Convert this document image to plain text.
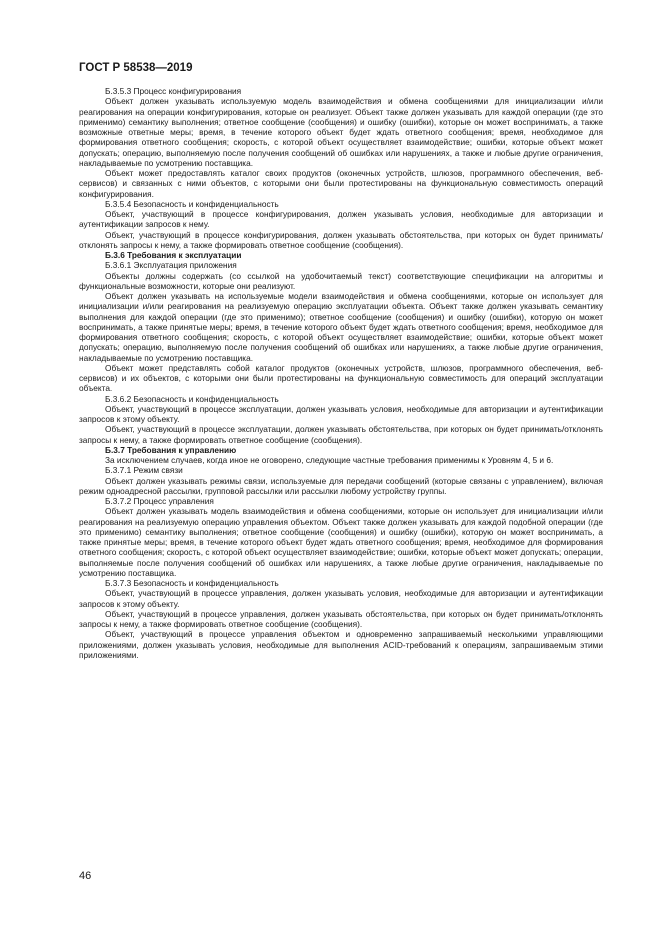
ГОСТ Р 58538—2019

Б.3.5.3 Процесс конфигурирования

Объект должен указывать используемую модель взаимодействия и обмена сообщениями для инициализации и/или реагирования на операции конфигурирования, которые он реализует. Объект также должен указывать для каждой операции (где это применимо) семантику выполнения; ответное сообщение (сообщения) и ошибку (ошибки), которые он может воспринимать, а также возможные ответные меры; время, в течение которого объект будет ждать ответного сообщения; время, необходимое для формирования ответного сообщения; скорость, с которой объект осуществляет взаимодействие; ошибки, которые объект может допускать; операцию, выполняемую после получения сообщений об ошибках или нарушениях, а также и любые другие ограничения, накладываемые по усмотрению поставщика.

Объект может предоставлять каталог своих продуктов (оконечных устройств, шлюзов, программного обеспечения, веб-сервисов) и связанных с ними объектов, с которыми они были протестированы на функциональную совместимость операций конфигурирования.

Б.3.5.4 Безопасность и конфиденциальность

Объект, участвующий в процессе конфигурирования, должен указывать условия, необходимые для авторизации и аутентификации запросов к нему.

Объект, участвующий в процессе конфигурирования, должен указывать обстоятельства, при которых он будет принимать/отклонять запросы к нему, а также формировать ответное сообщение (сообщения).

Б.3.6 Требования к эксплуатации

Б.3.6.1 Эксплуатация приложения

Объекты должны содержать (со ссылкой на удобочитаемый текст) соответствующие спецификации на алгоритмы и функциональные возможности, которые они реализуют.

Объект должен указывать на используемые модели взаимодействия и обмена сообщениями, которые он использует для инициализации и/или реагирования на реализуемую операцию эксплуатации объекта. Объект также должен указывать семантику выполнения для каждой операции (где это применимо); ответное сообщение (сообщения) и ошибку (ошибки), которую он может воспринимать, а также принятые меры; время, в течение которого объект будет ждать ответного сообщения; время, необходимое для формирования ответного сообщения; скорость, с которой объект осуществляет взаимодействие; ошибки, которые объект может допускать; операцию, выполняемую после получения сообщений об ошибках или нарушениях, а также любые другие ограничения, накладываемые по усмотрению поставщика.

Объект может представлять собой каталог продуктов (оконечных устройств, шлюзов, программного обеспечения, веб-сервисов) и их объектов, с которыми они были протестированы на функциональную совместимость для операций эксплуатации объекта.

Б.3.6.2 Безопасность и конфиденциальность

Объект, участвующий в процессе эксплуатации, должен указывать условия, необходимые для авторизации и аутентификации запросов к этому объекту.

Объект, участвующий в процессе эксплуатации, должен указывать обстоятельства, при которых он будет принимать/отклонять запросы к нему, а также формировать ответное сообщение (сообщения).

Б.3.7 Требования к управлению

За исключением случаев, когда иное не оговорено, следующие частные требования применимы к Уровням 4, 5 и 6.

Б.3.7.1 Режим связи

Объект должен указывать режимы связи, используемые для передачи сообщений (которые связаны с управлением), включая режим одноадресной рассылки, групповой рассылки или рассылки любому устройству группы.

Б.3.7.2 Процесс управления

Объект должен указывать модель взаимодействия и обмена сообщениями, которые он использует для инициализации и/или реагирования на реализуемую операцию управления объектом. Объект также должен указывать для каждой подобной операции (где это применимо) семантику выполнения; ответное сообщение (сообщения) и ошибку (ошибки), которую он может воспринимать, а также принятые меры; время, в течение которого объект будет ждать ответного сообщения; время, необходимое для формирования ответного сообщения; скорость, с которой объект осуществляет взаимодействие; ошибки, которые объект может допускать; операции, выполняемые после получения сообщений об ошибках или нарушениях, а также любые другие ограничения, накладываемые по усмотрению поставщика.

Б.3.7.3 Безопасность и конфиденциальность

Объект, участвующий в процессе управления, должен указывать условия, необходимые для авторизации и аутентификации запросов к этому объекту.

Объект, участвующий в процессе управления, должен указывать обстоятельства, при которых он будет принимать/отклонять запросы к нему, а также формировать ответное сообщение (сообщения).

Объект, участвующий в процессе управления объектом и одновременно запрашиваемый несколькими управляющими приложениями, должен указывать условия, необходимые для выполнения ACID-требований к операциям, запрашиваемым этими приложениями.

46
